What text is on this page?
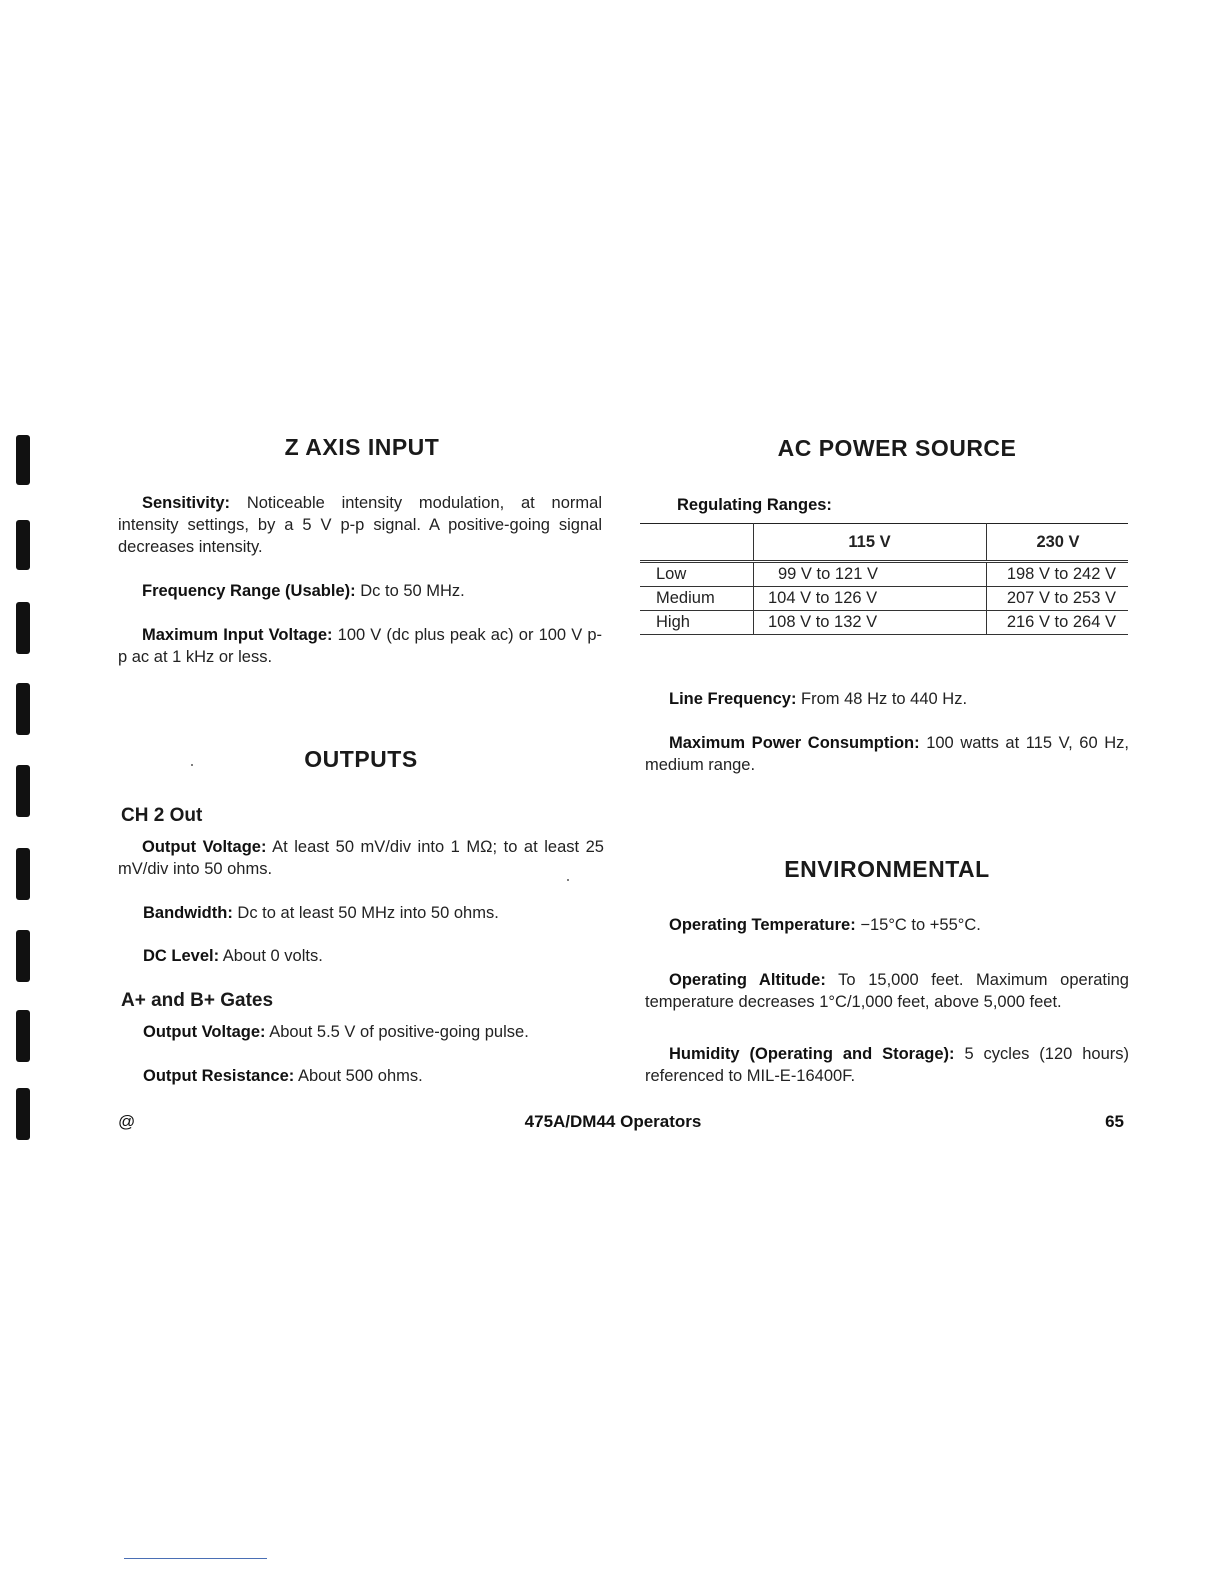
Z AXIS INPUT

Sensitivity: Noticeable intensity modulation, at normal intensity settings, by a 5 V p-p signal. A positive-going signal decreases intensity.

Frequency Range (Usable): Dc to 50 MHz.

Maximum Input Voltage: 100 V (dc plus peak ac) or 100 V p-p ac at 1 kHz or less.

OUTPUTS
CH 2 Out

Output Voltage: At least 50 mV/div into 1 MΩ; to at least 25 mV/div into 50 ohms.

Bandwidth: Dc to at least 50 MHz into 50 ohms.

DC Level: About 0 volts.

A+ and B+ Gates

Output Voltage: About 5.5 V of positive-going pulse.

Output Resistance: About 500 ohms.

AC POWER SOURCE

Regulating Ranges:

	115 V	230 V
Low	99 V to 121 V	198 V to 242 V
Medium	104 V to 126 V	207 V to 253 V
High	108 V to 132 V	216 V to 264 V

Line Frequency: From 48 Hz to 440 Hz.

Maximum Power Consumption: 100 watts at 115 V, 60 Hz, medium range.

ENVIRONMENTAL

Operating Temperature: −15°C to +55°C.

Operating Altitude: To 15,000 feet. Maximum operating temperature decreases 1°C/1,000 feet, above 5,000 feet.

Humidity (Operating and Storage): 5 cycles (120 hours) referenced to MIL-E-16400F.

@	475A/DM44 Operators	65
